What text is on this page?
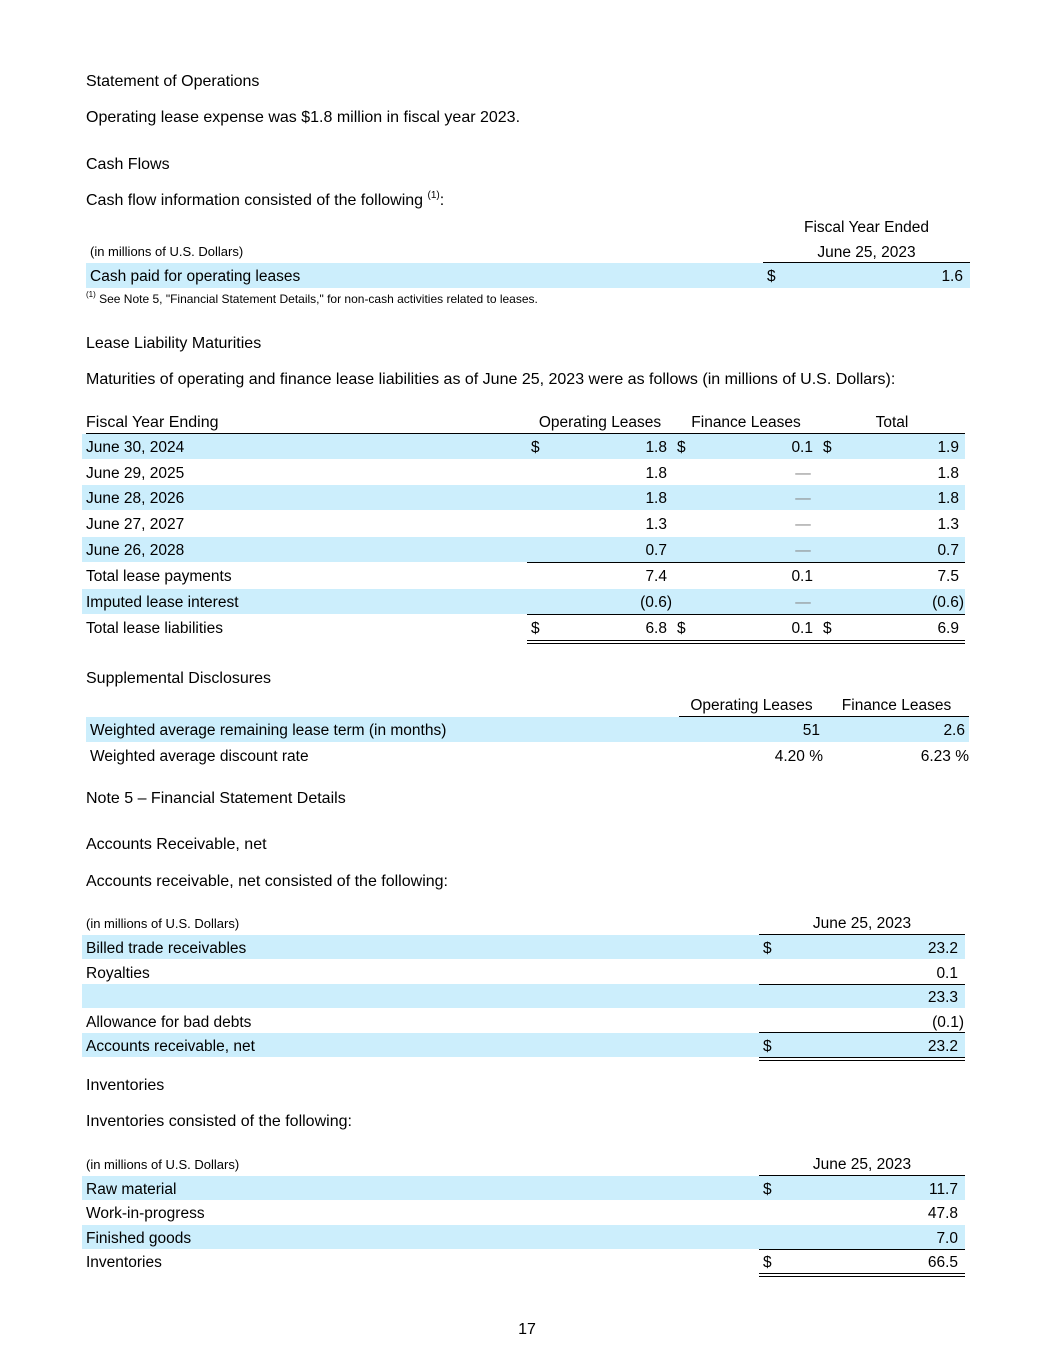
Statement of Operations
Operating lease expense was $1.8 million in fiscal year 2023.
Cash Flows
Cash flow information consisted of the following $^{(1)}$:
Fiscal Year Ended
June 25, 2023
(in millions of U.S. Dollars)
Cash paid for operating leases	$	1.6
$^{(1)}$ See Note 5, "Financial Statement Details," for non-cash activities related to leases.
Lease Liability Maturities
Maturities of operating and finance lease liabilities as of June 25, 2023 were as follows (in millions of U.S. Dollars):
Fiscal Year Ending	Operating Leases	Finance Leases	Total
June 30, 2024	$	1.8 $	0.1 $	1.9
June 29, 2025	1.8	—	1.8
June 28, 2026	1.8	—	1.8
June 27, 2027	1.3	—	1.3
June 26, 2028	0.7	—	0.7
Total lease payments	7.4	0.1	7.5
Imputed lease interest	(0.6)	—	(0.6)
Total lease liabilities	$	6.8 $	0.1 $	6.9
Supplemental Disclosures
Operating Leases	Finance Leases
Weighted average remaining lease term (in months)	51	2.6
Weighted average discount rate	4.20 %	6.23 %
Note 5 – Financial Statement Details
Accounts Receivable, net
Accounts receivable, net consisted of the following:
(in millions of U.S. Dollars)	June 25, 2023
Billed trade receivables	$	23.2
Royalties	0.1
23.3
Allowance for bad debts	(0.1)
Accounts receivable, net	$	23.2
Inventories
Inventories consisted of the following:
(in millions of U.S. Dollars)	June 25, 2023
Raw material	$	11.7
Work-in-progress	47.8
Finished goods	7.0
Inventories	$	66.5
17
